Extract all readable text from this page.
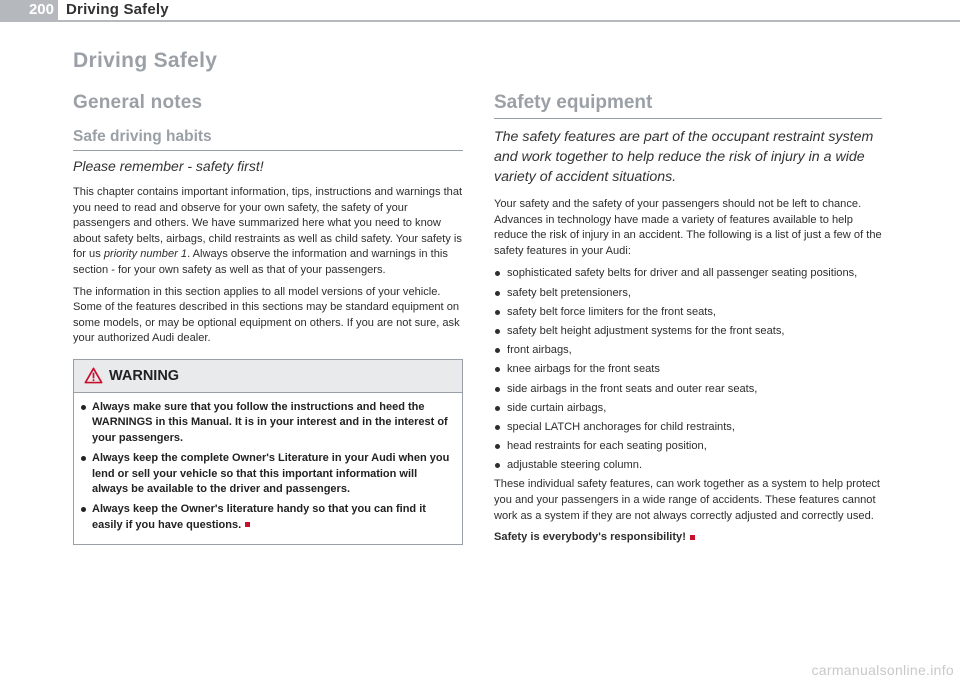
200 Driving Safely
Driving Safely
General notes
Safe driving habits
Please remember - safety first!

This chapter contains important information, tips, instructions and warnings that you need to read and observe for your own safety, the safety of your passengers and others. We have summarized here what you need to know about safety belts, airbags, child restraints as well as child safety. Your safety is for us priority number 1. Always observe the information and warnings in this section - for your own safety as well as that of your passengers.

The information in this section applies to all model versions of your vehicle. Some of the features described in this sections may be standard equipment on some models, or may be optional equipment on others. If you are not sure, ask your authorized Audi dealer.

WARNING
Always make sure that you follow the instructions and heed the WARNINGS in this Manual. It is in your interest and in the interest of your passengers.
Always keep the complete Owner's Literature in your Audi when you lend or sell your vehicle so that this important information will always be available to the driver and passengers.
Always keep the Owner's literature handy so that you can find it easily if you have questions.
Safety equipment
The safety features are part of the occupant restraint system and work together to help reduce the risk of injury in a wide variety of accident situations.

Your safety and the safety of your passengers should not be left to chance. Advances in technology have made a variety of features available to help reduce the risk of injury in an accident. The following is a list of just a few of the safety features in your Audi:

sophisticated safety belts for driver and all passenger seating positions,
safety belt pretensioners,
safety belt force limiters for the front seats,
safety belt height adjustment systems for the front seats,
front airbags,
knee airbags for the front seats
side airbags in the front seats and outer rear seats,
side curtain airbags,
special LATCH anchorages for child restraints,
head restraints for each seating position,
adjustable steering column.

These individual safety features, can work together as a system to help protect you and your passengers in a wide range of accidents. These features cannot work as a system if they are not always correctly adjusted and correctly used.

Safety is everybody's responsibility!

carmanualsonline.info
